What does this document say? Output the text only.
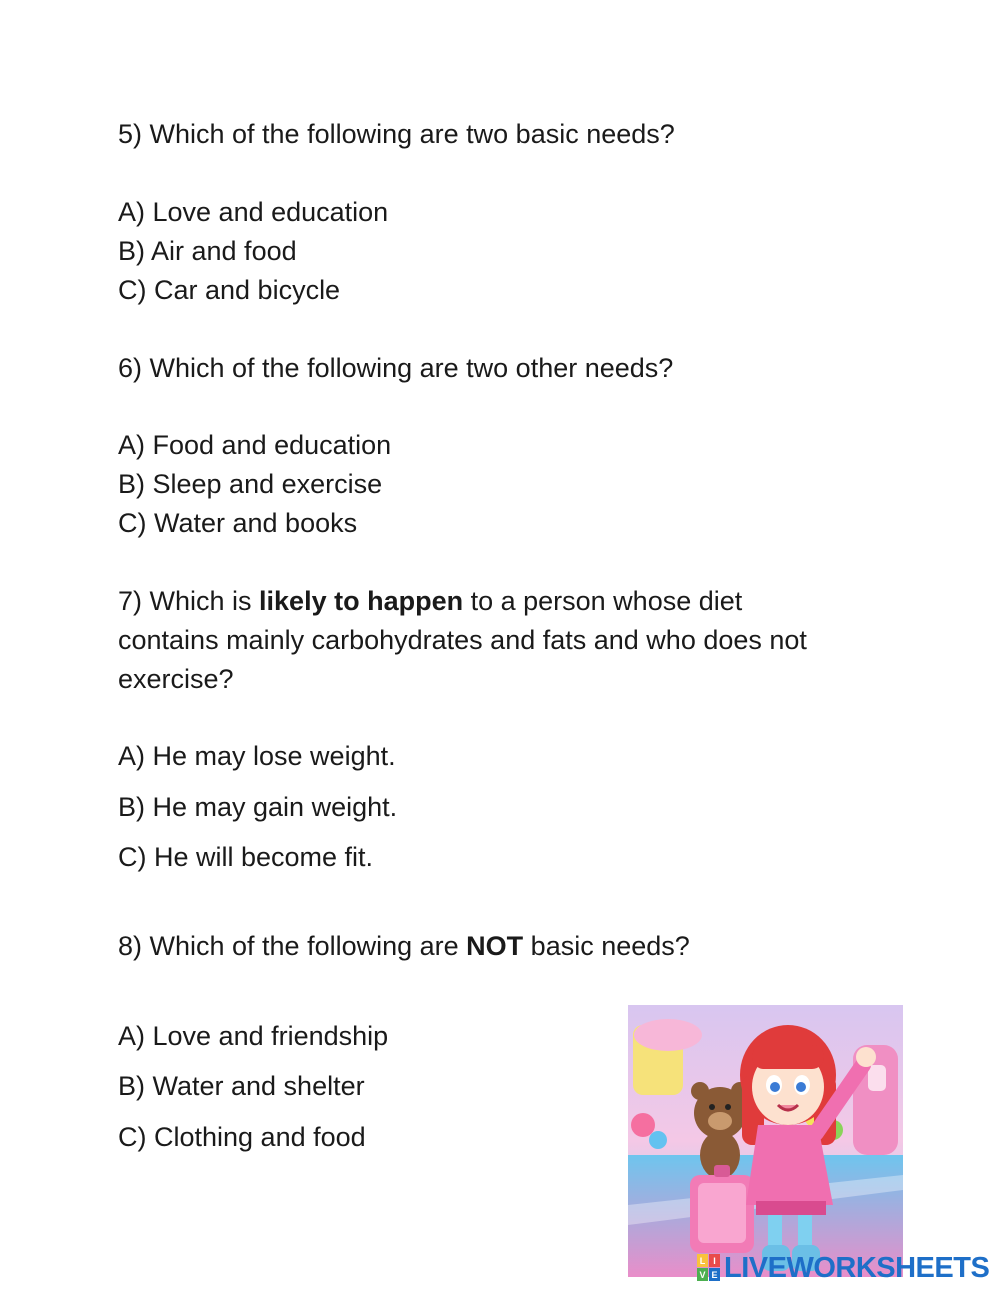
5) Which of the following are two basic needs?
A) Love and education
B) Air and food
C) Car and bicycle
6) Which of the following are two other needs?
A) Food and education
B) Sleep and exercise
C) Water and books
7) Which is likely to happen to a person whose diet
contains mainly carbohydrates and fats and who does not
exercise?
A) He may lose weight.
B) He may gain weight.
C) He will become fit.
8) Which of the following are NOT basic needs?
A) Love and friendship
B) Water and shelter
C) Clothing and food
L I
V E LIVEWORKSHEETS
